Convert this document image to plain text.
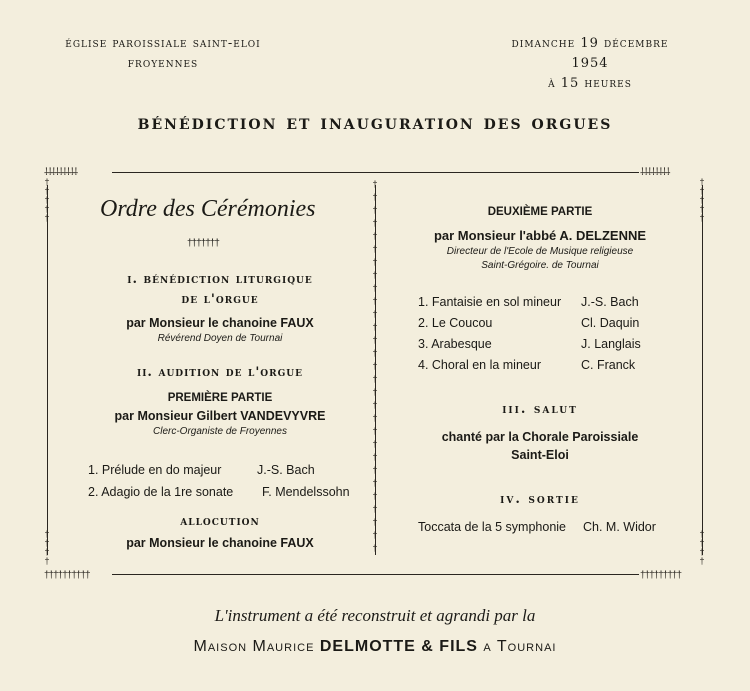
église paroissiale saint-eloi
froyennes
dimanche 19 décembre 1954
à 15 heures
bénédiction et inauguration des orgues
⸸⸸⸸⸸⸸⸸⸸⸸⸸	⸸⸸⸸⸸⸸⸸⸸⸸
††††††††††	†††††††††
†
†
†
†
†
†
†
†
†
†
†
†
†
†
†
†
†
†
†
†
†
†
†
†
†
†
†
†
†
†
†
†
†
†
†
†
†
†
†
†
†
†
†
†
†
†
†
Ordre des Cérémonies
†††††††
i. bénédiction liturgique
de l'orgue
par Monsieur le chanoine FAUX
Révérend Doyen de Tournai
ii. audition de l'orgue
PREMIÈRE PARTIE
par Monsieur Gilbert VANDEVYVRE
Clerc-Organiste de Froyennes
1. Prélude en do majeur	J.-S. Bach
2. Adagio de la 1re sonate F. Mendelssohn
allocution
par Monsieur le chanoine FAUX
DEUXIÈME PARTIE
par Monsieur l'abbé A. DELZENNE
Directeur de l'Ecole de Musique religieuse
Saint-Grégoire. de Tournai
1. Fantaisie en sol mineur J.-S. Bach
2. Le Coucou	Cl. Daquin
3. Arabesque	J. Langlais
4. Choral en la mineur	C. Franck
iii. salut
chanté par la Chorale Paroissiale
Saint-Eloi
iv. sortie
Toccata de la 5 symphonie Ch. M. Widor
L'instrument a été reconstruit et agrandi par la
Maison Maurice DELMOTTE & FILS a Tournai
